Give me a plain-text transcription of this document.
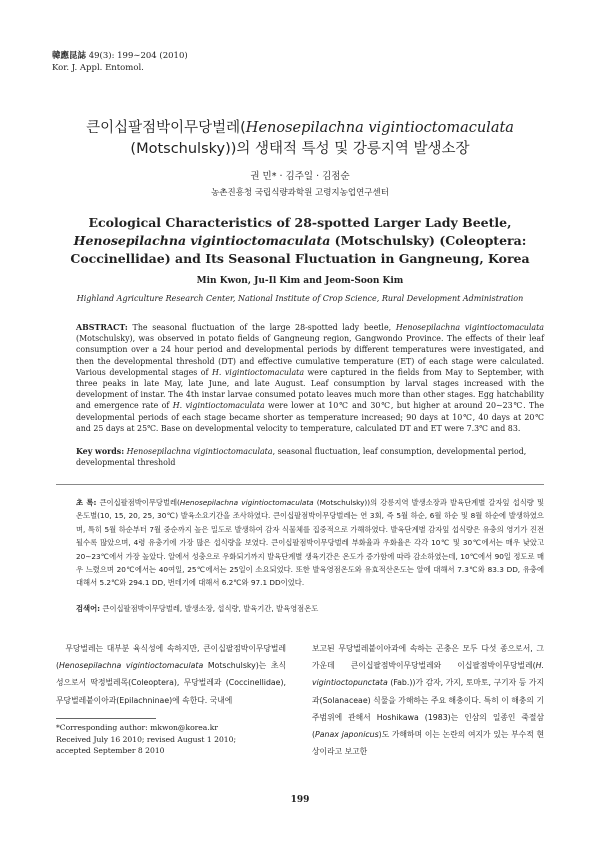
韓應昆誌 49(3): 199∼204 (2010)
Kor. J. Appl. Entomol.
큰이십팔점박이무당벌레(Henosepilachna vigintioctomaculata
(Motschulsky))의 생태적 특성 및 강릉지역 발생소장
권 민* · 김주일 · 김점순
농촌진흥청 국립식량과학원 고령지농업연구센터
Ecological Characteristics of 28-spotted Larger Lady Beetle, Henosepilachna vigintioctomaculata (Motschulsky) (Coleoptera: Coccinellidae) and Its Seasonal Fluctuation in Gangneung, Korea
Min Kwon, Ju-Il Kim and Jeom-Soon Kim
Highland Agriculture Research Center, National Institute of Crop Science, Rural Development Administration
ABSTRACT: The seasonal fluctuation of the large 28-spotted lady beetle, Henosepilachna vigintioctomaculata (Motschulsky), was observed in potato fields of Gangneung region, Gangwondo Province. The effects of their leaf consumption over a 24 hour period and developmental periods by different temperatures were investigated, and then the developmental threshold (DT) and effective cumulative temperature (ET) of each stage were calculated. Various developmental stages of H. vigintioctomaculata were captured in the fields from May to September, with three peaks in late May, late June, and late August. Leaf consumption by larval stages increased with the development of instar. The 4th instar larvae consumed potato leaves much more than other stages. Egg hatchability and emergence rate of H. vigintioctomaculata were lower at 10℃ and 30℃, but higher at around 20∼23℃. The developmental periods of each stage became shorter as temperature increased; 90 days at 10℃, 40 days at 20℃ and 25 days at 25℃. Base on developmental velocity to temperature, calculated DT and ET were 7.3℃ and 83.
Key words: Henosepilachna vigintioctomaculata, seasonal fluctuation, leaf consumption, developmental period, developmental threshold
초 록: 큰이십팔점박이무당벌레(Henosepilachna vigintioctomaculata (Motschulsky))의 강릉지역 발생소장과 발육단계별 갈자잎 섭식량 및 온도별(10, 15, 20, 25, 30℃) 발육소요기간을 조사하였다. 큰이십팔점박이무당벌레는 연 3회, 즉 5월 하순, 6월 하순 및 8월 하순에 발생하였으며, 특히 5월 하순부터 7월 중순까지 높은 밀도로 발생하여 감자 식물체를 집중적으로 가해하였다. 발육단계별 감자잎 섭식량은 유충의 영기가 진전될수록 많았으며, 4령 유충기에 가장 많은 섭식량을 보였다. 큰이십팔점박이무당벌레 부화율과 우화율은 각각 10℃ 및 30℃에서는 매우 낮았고 20∼23℃에서 가장 높았다. 알에서 성충으로 우화되기까지 발육단계별 생육기간은 온도가 증가함에 따라 감소하였는데, 10℃에서 90일 정도로 매우 느렸으며 20℃에서는 40여일, 25℃에서는 25일이 소요되었다. 또한 발육영점온도와 유효적산온도는 알에 대해서 7.3℃와 83.3 DD, 유충에 대해서 5.2℃와 294.1 DD, 번데기에 대해서 6.2℃와 97.1 DD이었다.
검색어: 큰이십팔점박이무당벌레, 발생소장, 섭식량, 발육기간, 발육영점온도

무당벌레는 대부분 육식성에 속하지만, 큰이십팔점박이무당벌레(Henosepilachna vigintioctomaculata Motschulsky)는 초식성으로서 딱정벌레목(Coleoptera), 무당벌레과 (Coccinellidae), 무당벌레붙이아과(Epilachninae)에 속한다. 국내에

*Corresponding author: mkwon@korea.kr
Received July 16 2010; revised August 1 2010;
accepted September 8 2010

보고된 무당벌레붙이아과에 속하는 곤충은 모두 다섯 종으로서, 그 가운데 큰이십팔점박이무당벌레와 이십팔점박이무당벌레(H. vigintioctopunctata (Fab.))가 감자, 가지, 토마토, 구기자 등 가지과(Solanaceae) 식물을 가해하는 주요 해충이다. 특히 이 해충의 기주범위에 관해서 Hoshikawa (1983)는 인삼의 일종인 죽절삼(Panax japonicus)도 가해하며 이는 논란의 여지가 있는 부수적 현상이라고 보고한

199
